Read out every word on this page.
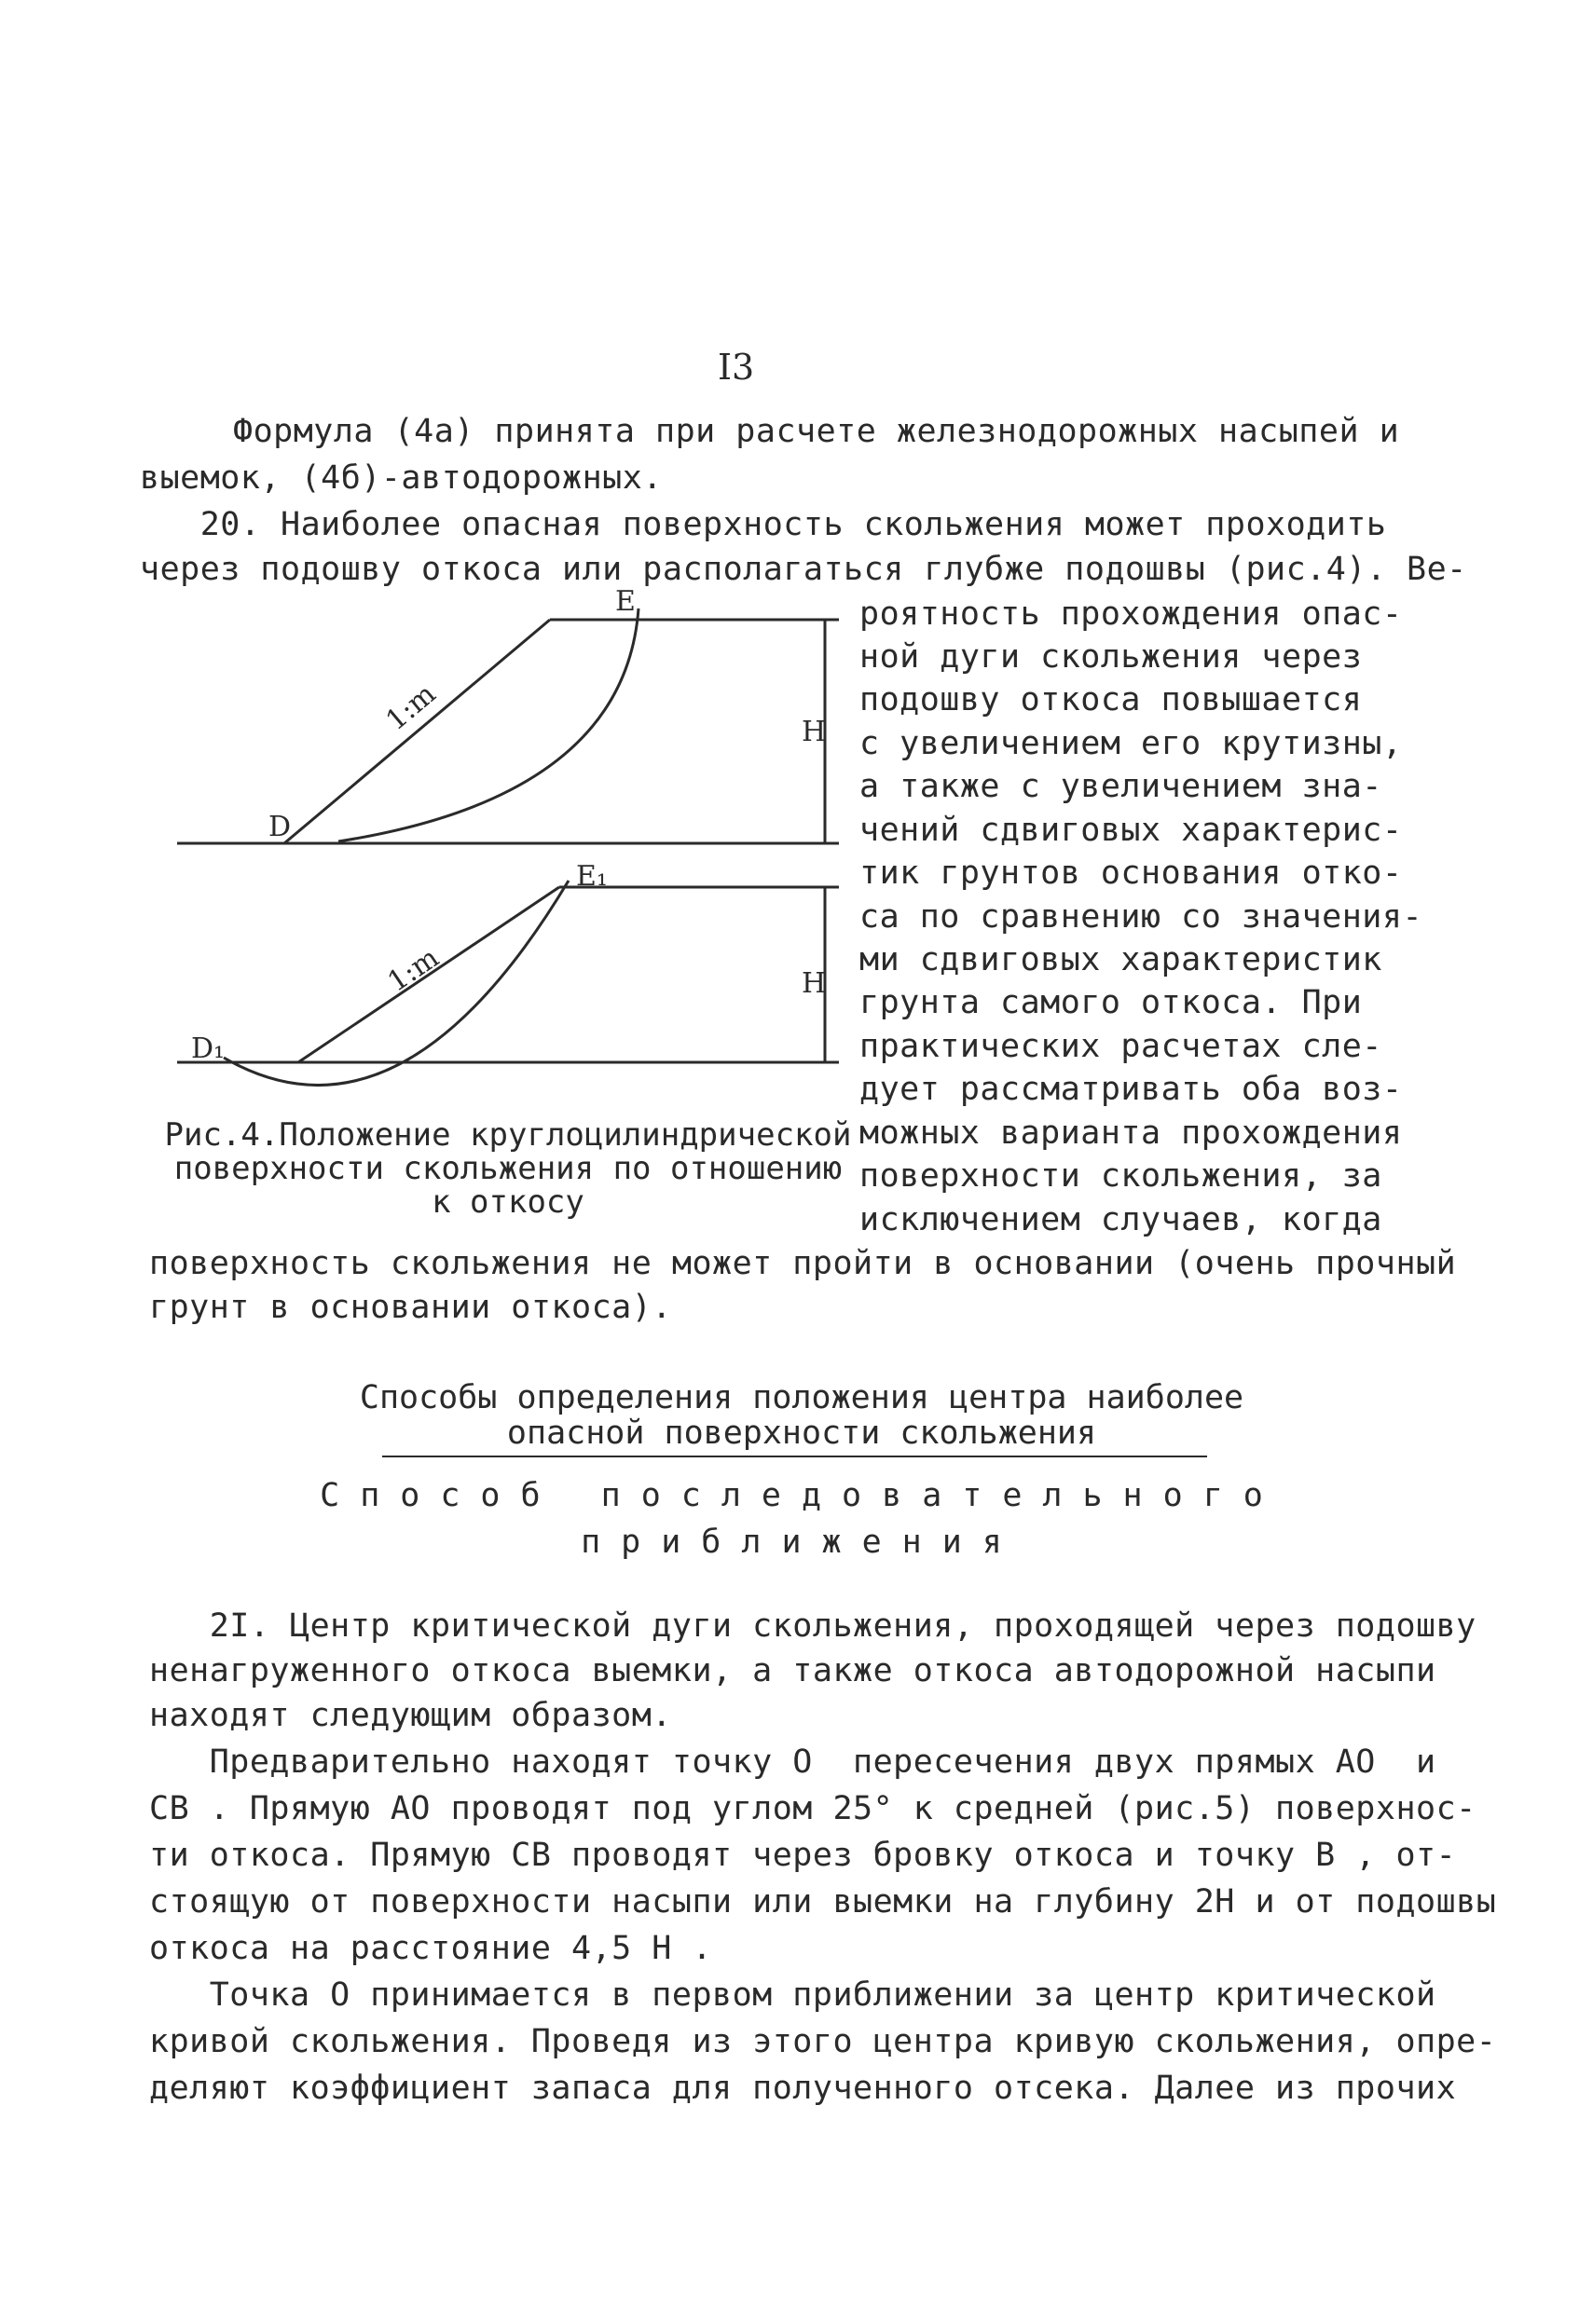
I3
Формула (4а) принята при расчете железнодорожных насыпей и
выемок, (4б)-автодорожных.
20. Наиболее опасная поверхность скольжения может проходить
через подошву откоса или располагаться глубже подошвы (рис.4). Ве-
E
D
1:m	H
E₁
D₁
1:m	H
Рис.4.Положение круглоцилиндрической
поверхности скольжения по отношению
к откосу
роятность прохождения опас-
ной дуги скольжения через
подошву откоса повышается
с увеличением его крутизны,
а также с увеличением зна-
чений сдвиговых характерис-
тик грунтов основания отко-
са по сравнению со значения-
ми сдвиговых характеристик
грунта самого откоса. При
практических расчетах сле-
дует рассматривать оба воз-
можных варианта прохождения
поверхности скольжения, за
исключением случаев, когда
поверхность скольжения не может пройти в основании (очень прочный
грунт в основании откоса).
Способы определения положения центра наиболее
опасной поверхности скольжения
Способ последовательного
приближения
2I. Центр критической дуги скольжения, проходящей через подошву
ненагруженного откоса выемки, а также откоса автодорожной насыпи
находят следующим образом.
Предварительно находят точку O  пересечения двух прямых AO  и
CB . Прямую AO проводят под углом 25° к средней (рис.5) поверхнос-
ти откоса. Прямую CB проводят через бровку откоса и точку B , от-
стоящую от поверхности насыпи или выемки на глубину 2H и от подошвы
откоса на расстояние 4,5 H .
Точка O принимается в первом приближении за центр критической
кривой скольжения. Проведя из этого центра кривую скольжения, опре-
деляют коэффициент запаса для полученного отсека. Далее из прочих
